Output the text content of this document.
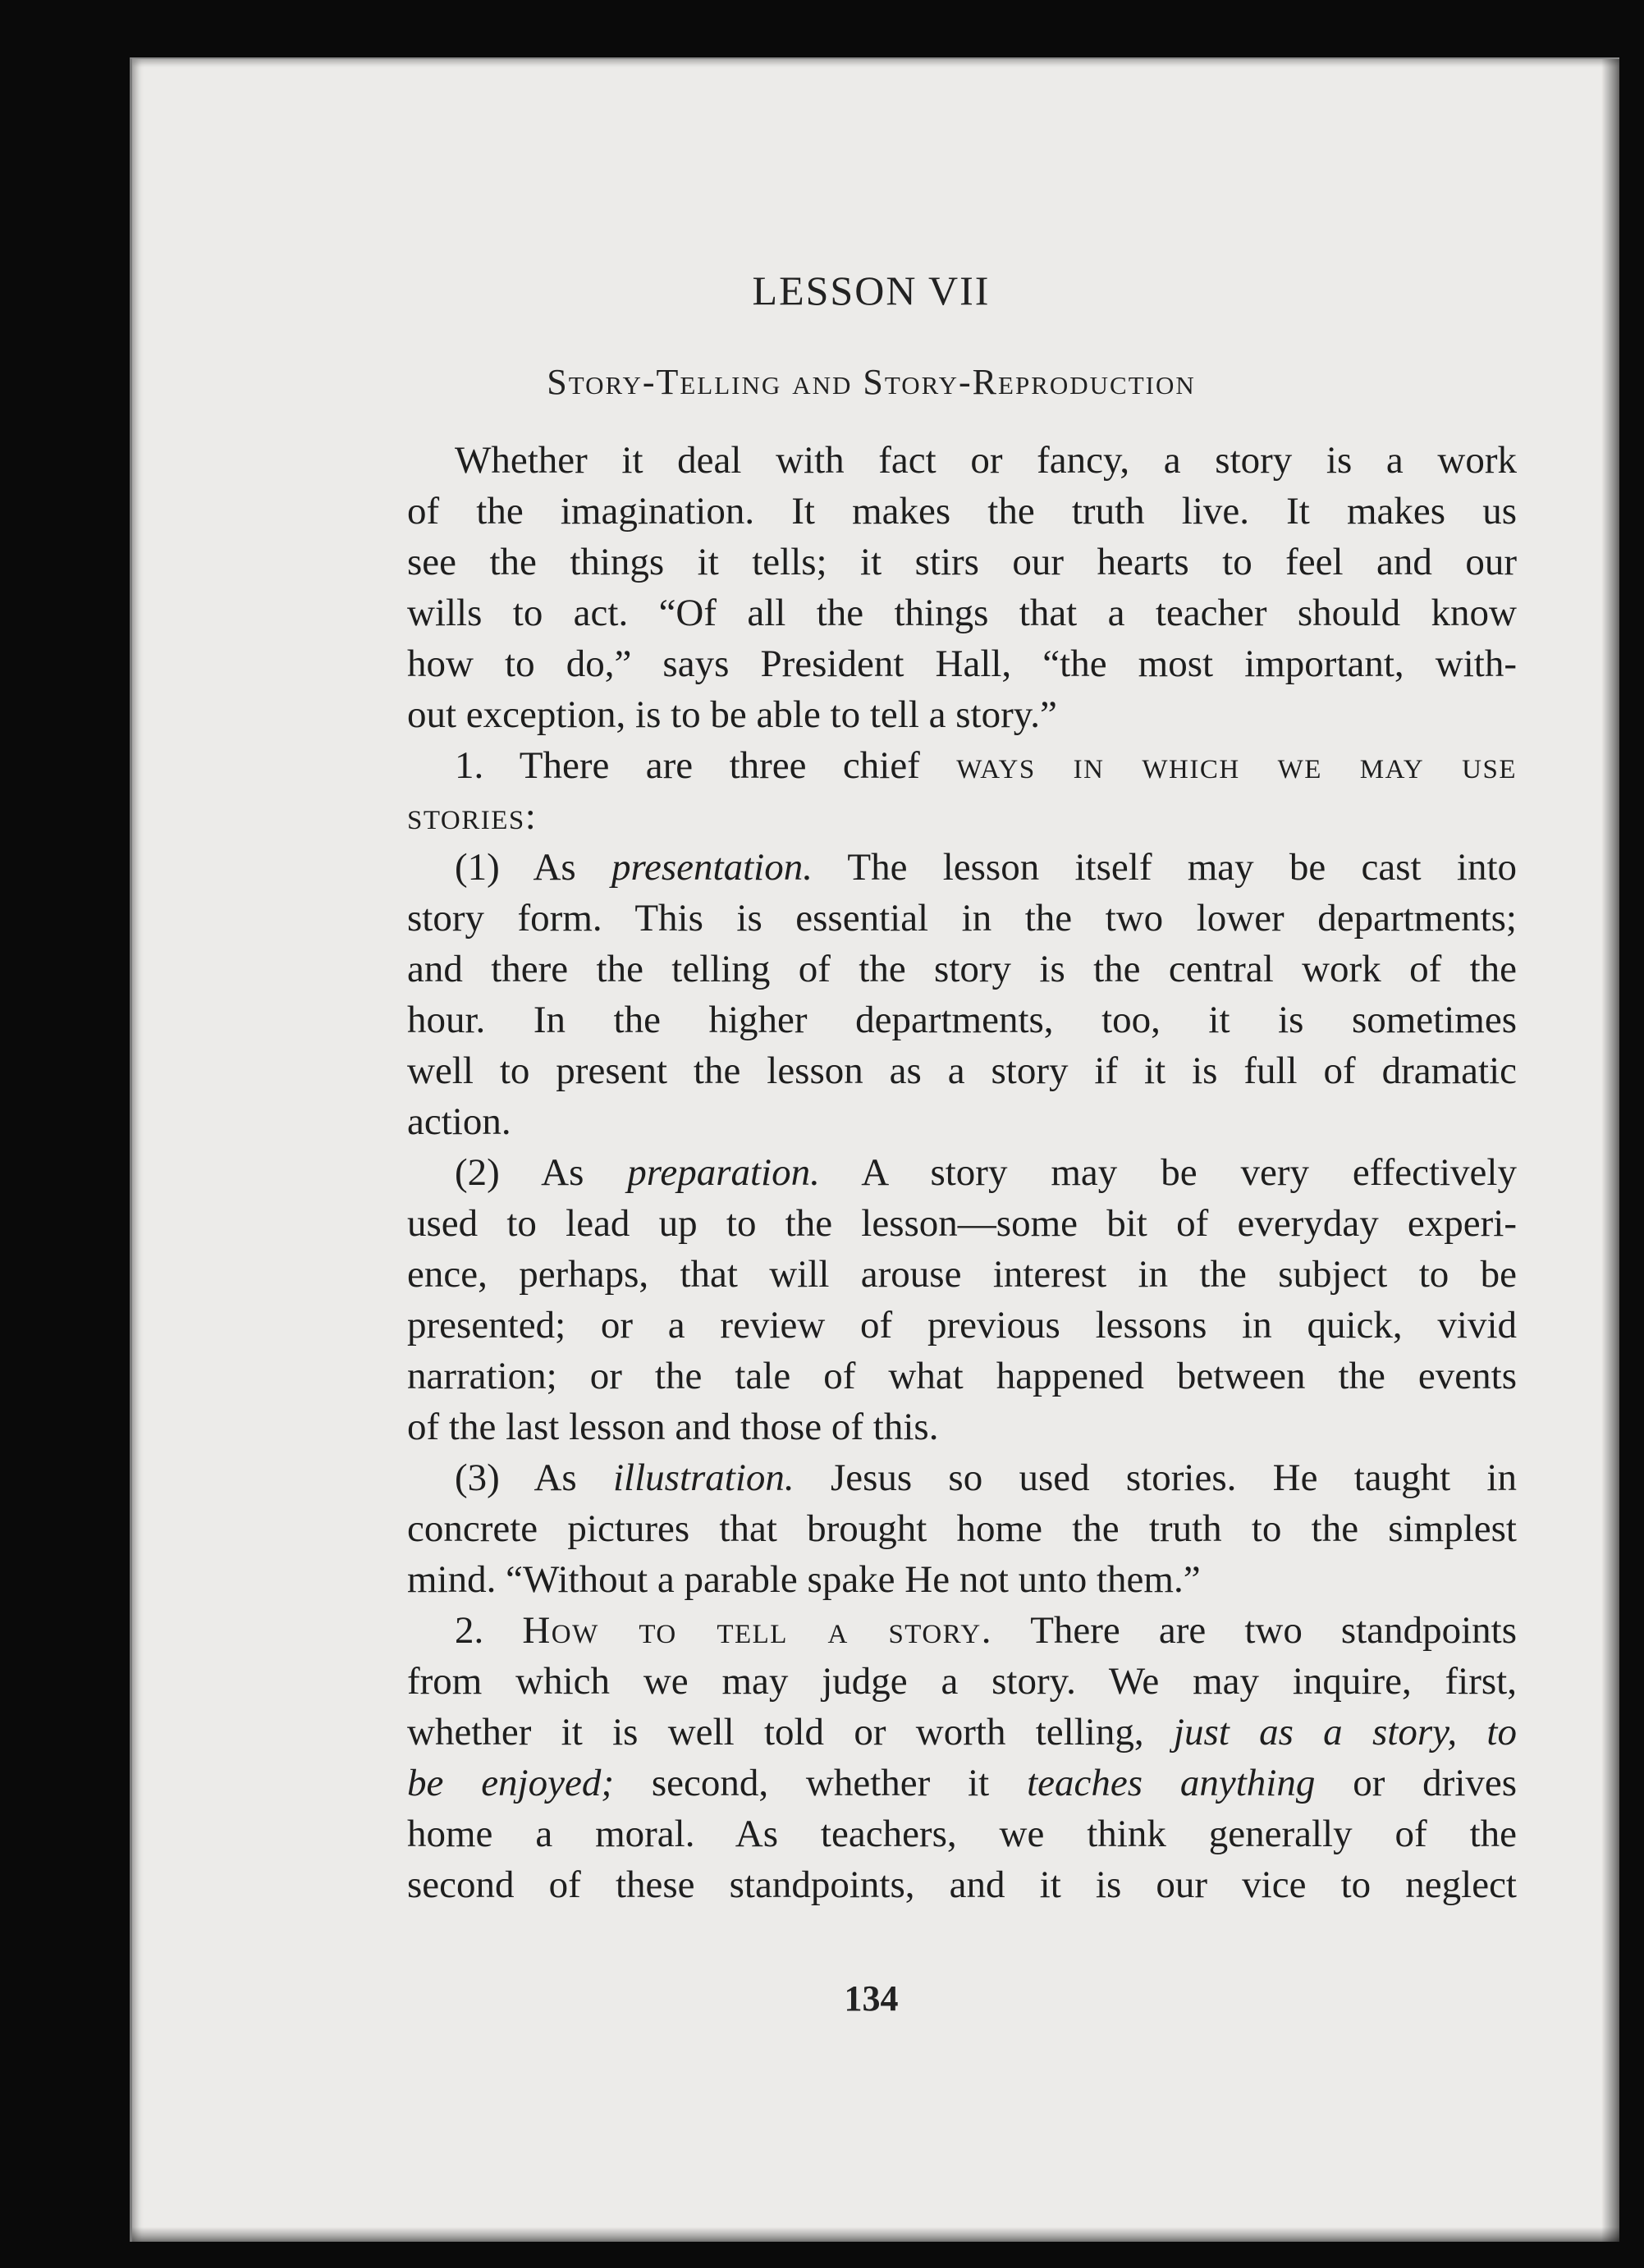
LESSON VII
Story-Telling and Story-Reproduction
Whether it deal with fact or fancy, a story is a work
of the imagination. It makes the truth live. It makes us
see the things it tells; it stirs our hearts to feel and our
wills to act. “Of all the things that a teacher should know
how to do,” says President Hall, “the most important, with-
out exception, is to be able to tell a story.”
1. There are three chief ways in which we may use
stories:
(1) As presentation. The lesson itself may be cast into
story form. This is essential in the two lower departments;
and there the telling of the story is the central work of the
hour. In the higher departments, too, it is sometimes
well to present the lesson as a story if it is full of dramatic
action.
(2) As preparation. A story may be very effectively
used to lead up to the lesson—some bit of everyday experi-
ence, perhaps, that will arouse interest in the subject to be
presented; or a review of previous lessons in quick, vivid
narration; or the tale of what happened between the events
of the last lesson and those of this.
(3) As illustration. Jesus so used stories. He taught in
concrete pictures that brought home the truth to the simplest
mind. “Without a parable spake He not unto them.”
2. How to tell a story. There are two standpoints
from which we may judge a story. We may inquire, first,
whether it is well told or worth telling, just as a story, to
be enjoyed; second, whether it teaches anything or drives
home a moral. As teachers, we think generally of the
second of these standpoints, and it is our vice to neglect
134
